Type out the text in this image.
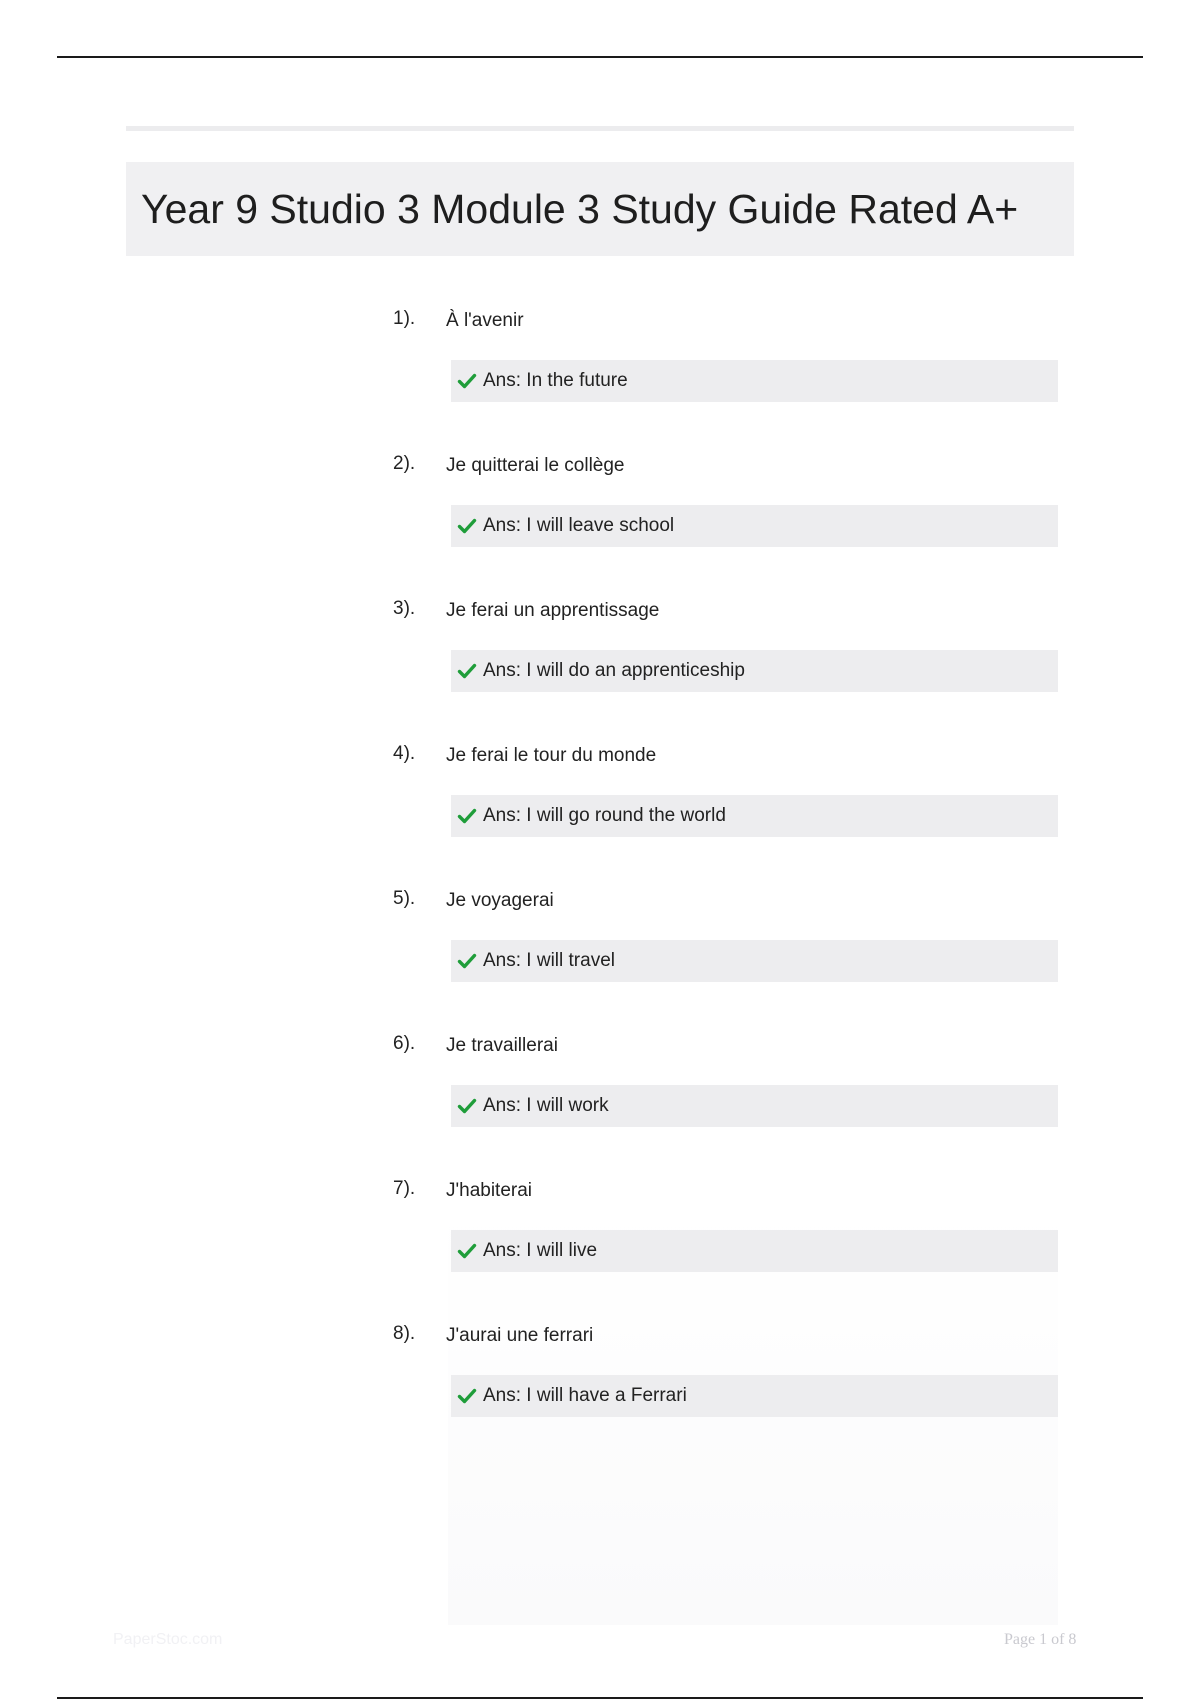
Year 9 Studio 3 Module 3 Study Guide Rated A+
1). À l'avenir
Ans: In the future
2). Je quitterai le collège
Ans: I will leave school
3). Je ferai un apprentissage
Ans: I will do an apprenticeship
4). Je ferai le tour du monde
Ans: I will go round the world
5). Je voyagerai
Ans: I will travel
6). Je travaillerai
Ans: I will work
7). J'habiterai
Ans: I will live
8). J'aurai une ferrari
Ans: I will have a Ferrari
PaperStoc.com	Page 1 of 8
